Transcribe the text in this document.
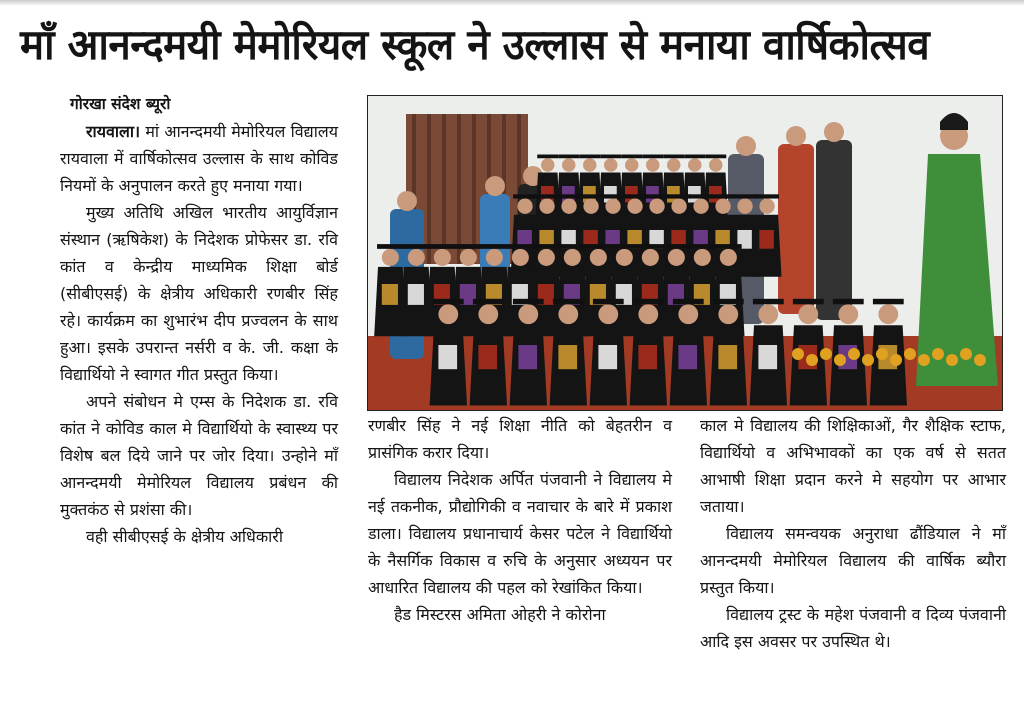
माँ आनन्दमयी मेमोरियल स्कूल ने उल्लास से मनाया वार्षिकोत्सव
गोरखा संदेश ब्यूरो

रायवाला। मां आनन्दमयी मेमोरियल विद्यालय रायवाला में वार्षिकोत्सव उल्लास के साथ कोविड नियमों के अनुपालन करते हुए मनाया गया।

मुख्य अतिथि अखिल भारतीय आयुर्विज्ञान संस्थान (ऋषिकेश) के निदेशक प्रोफेसर डा. रवि कांत व केन्द्रीय माध्यमिक शिक्षा बोर्ड (सीबीएसई) के क्षेत्रीय अधिकारी रणबीर सिंह रहे। कार्यक्रम का शुभारंभ दीप प्रज्वलन के साथ हुआ। इसके उपरान्त नर्सरी व के. जी. कक्षा के विद्यार्थियो ने स्वागत गीत प्रस्तुत किया।

अपने संबोधन मे एम्स के निदेशक डा. रवि कांत ने कोविड काल मे विद्यार्थियो के स्वास्थ्य पर विशेष बल दिये जाने पर जोर दिया। उन्होने माँ आनन्दमयी मेमोरियल विद्यालय प्रबंधन की मुक्तकंठ से प्रशंसा की।

वही सीबीएसई के क्षेत्रीय अधिकारी

रणबीर सिंह ने नई शिक्षा नीति को बेहतरीन व प्रासंगिक करार दिया।

विद्यालय निदेशक अर्पित पंजवानी ने विद्यालय मे नई तकनीक, प्रौद्योगिकी व नवाचार के बारे में प्रकाश डाला। विद्यालय प्रधानाचार्य केसर पटेल ने विद्यार्थियो के नैसर्गिक विकास व रुचि के अनुसार अध्ययन पर आधारित विद्यालय की पहल को रेखांकित किया।

हैड मिस्टरस अमिता ओहरी ने कोरोना

काल मे विद्यालय की शिक्षिकाओं, गैर शैक्षिक स्टाफ, विद्यार्थियो व अभिभावकों का एक वर्ष से सतत आभाषी शिक्षा प्रदान करने मे सहयोग पर आभार जताया।

विद्यालय समन्वयक अनुराधा ढौंडियाल ने माँ आनन्दमयी मेमोरियल विद्यालय की वार्षिक ब्यौरा प्रस्तुत किया।

विद्यालय ट्रस्ट के महेश पंजवानी व दिव्य पंजवानी आदि इस अवसर पर उपस्थित थे।
